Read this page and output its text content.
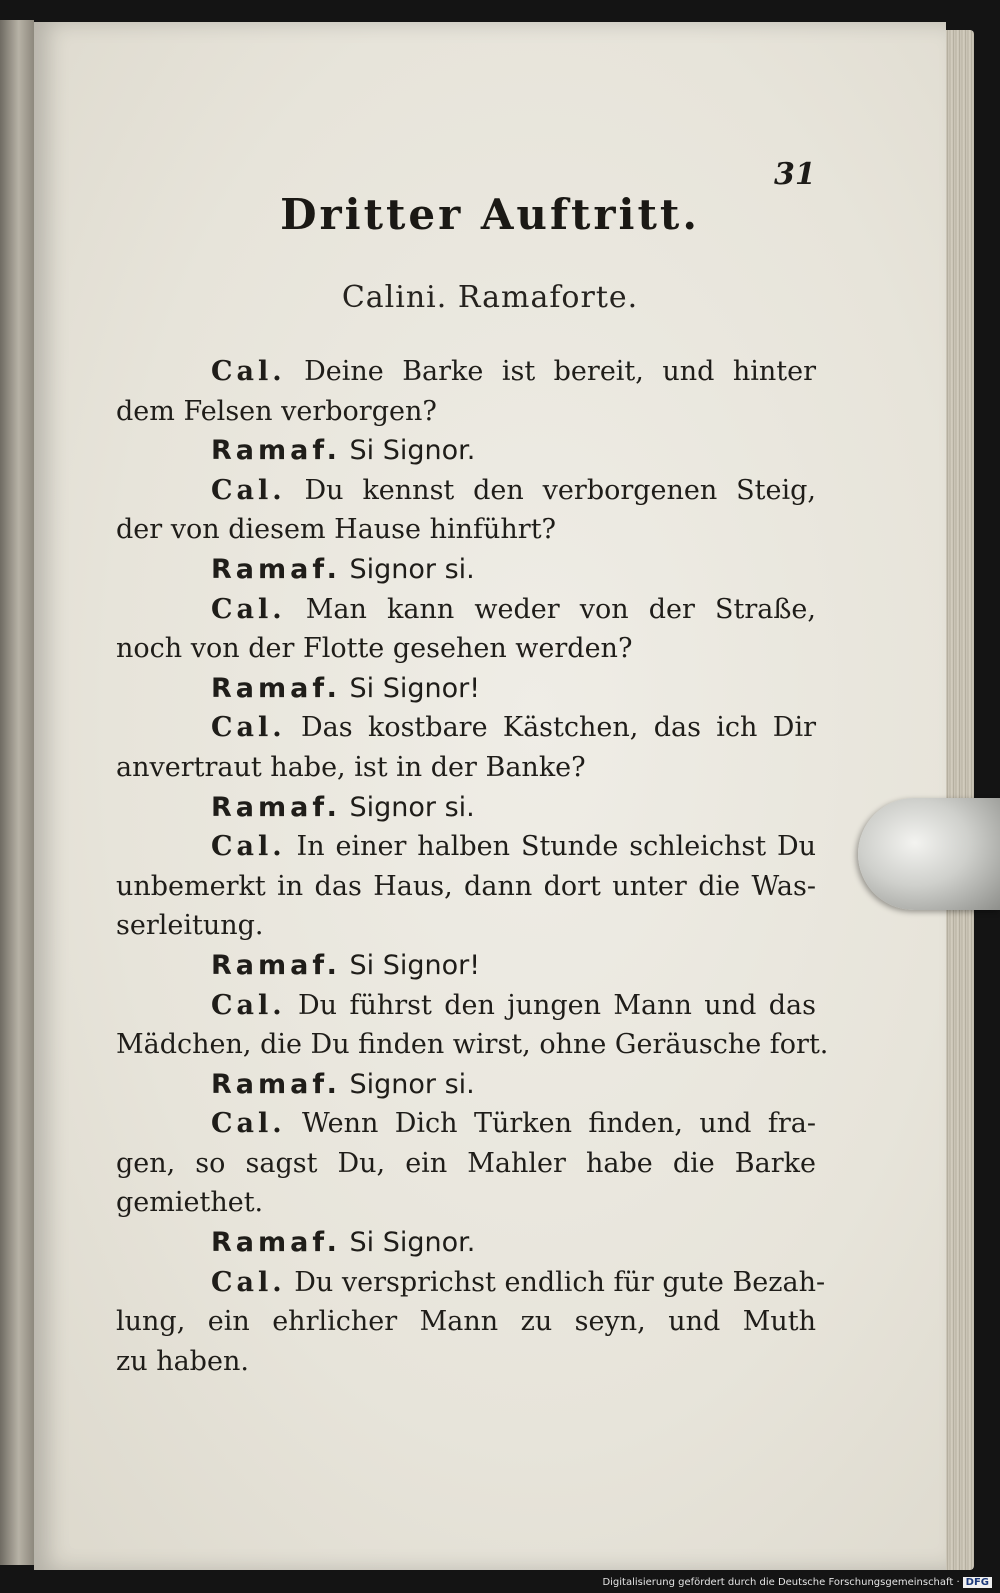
31
Dritter Auftritt.
Calini. Ramaforte.
Cal. Deine Barke ist bereit, und hinter
dem Felsen verborgen?
Ramaf. Si Signor.
Cal. Du kennst den verborgenen Steig,
der von diesem Hause hinführt?
Ramaf. Signor si.
Cal. Man kann weder von der Straße,
noch von der Flotte gesehen werden?
Ramaf. Si Signor!
Cal. Das kostbare Kästchen, das ich Dir
anvertraut habe, ist in der Banke?
Ramaf. Signor si.
Cal. In einer halben Stunde schleichst Du
unbemerkt in das Haus, dann dort unter die Was-
serleitung.
Ramaf. Si Signor!
Cal. Du führst den jungen Mann und das
Mädchen, die Du finden wirst, ohne Geräusche fort.
Ramaf. Signor si.
Cal. Wenn Dich Türken finden, und fra-
gen, so sagst Du, ein Mahler habe die Barke
gemiethet.
Ramaf. Si Signor.
Cal. Du versprichst endlich für gute Bezah-
lung, ein ehrlicher Mann zu seyn, und Muth
zu haben.
Digitalisierung gefördert durch die Deutsche Forschungsgemeinschaft · DFG
